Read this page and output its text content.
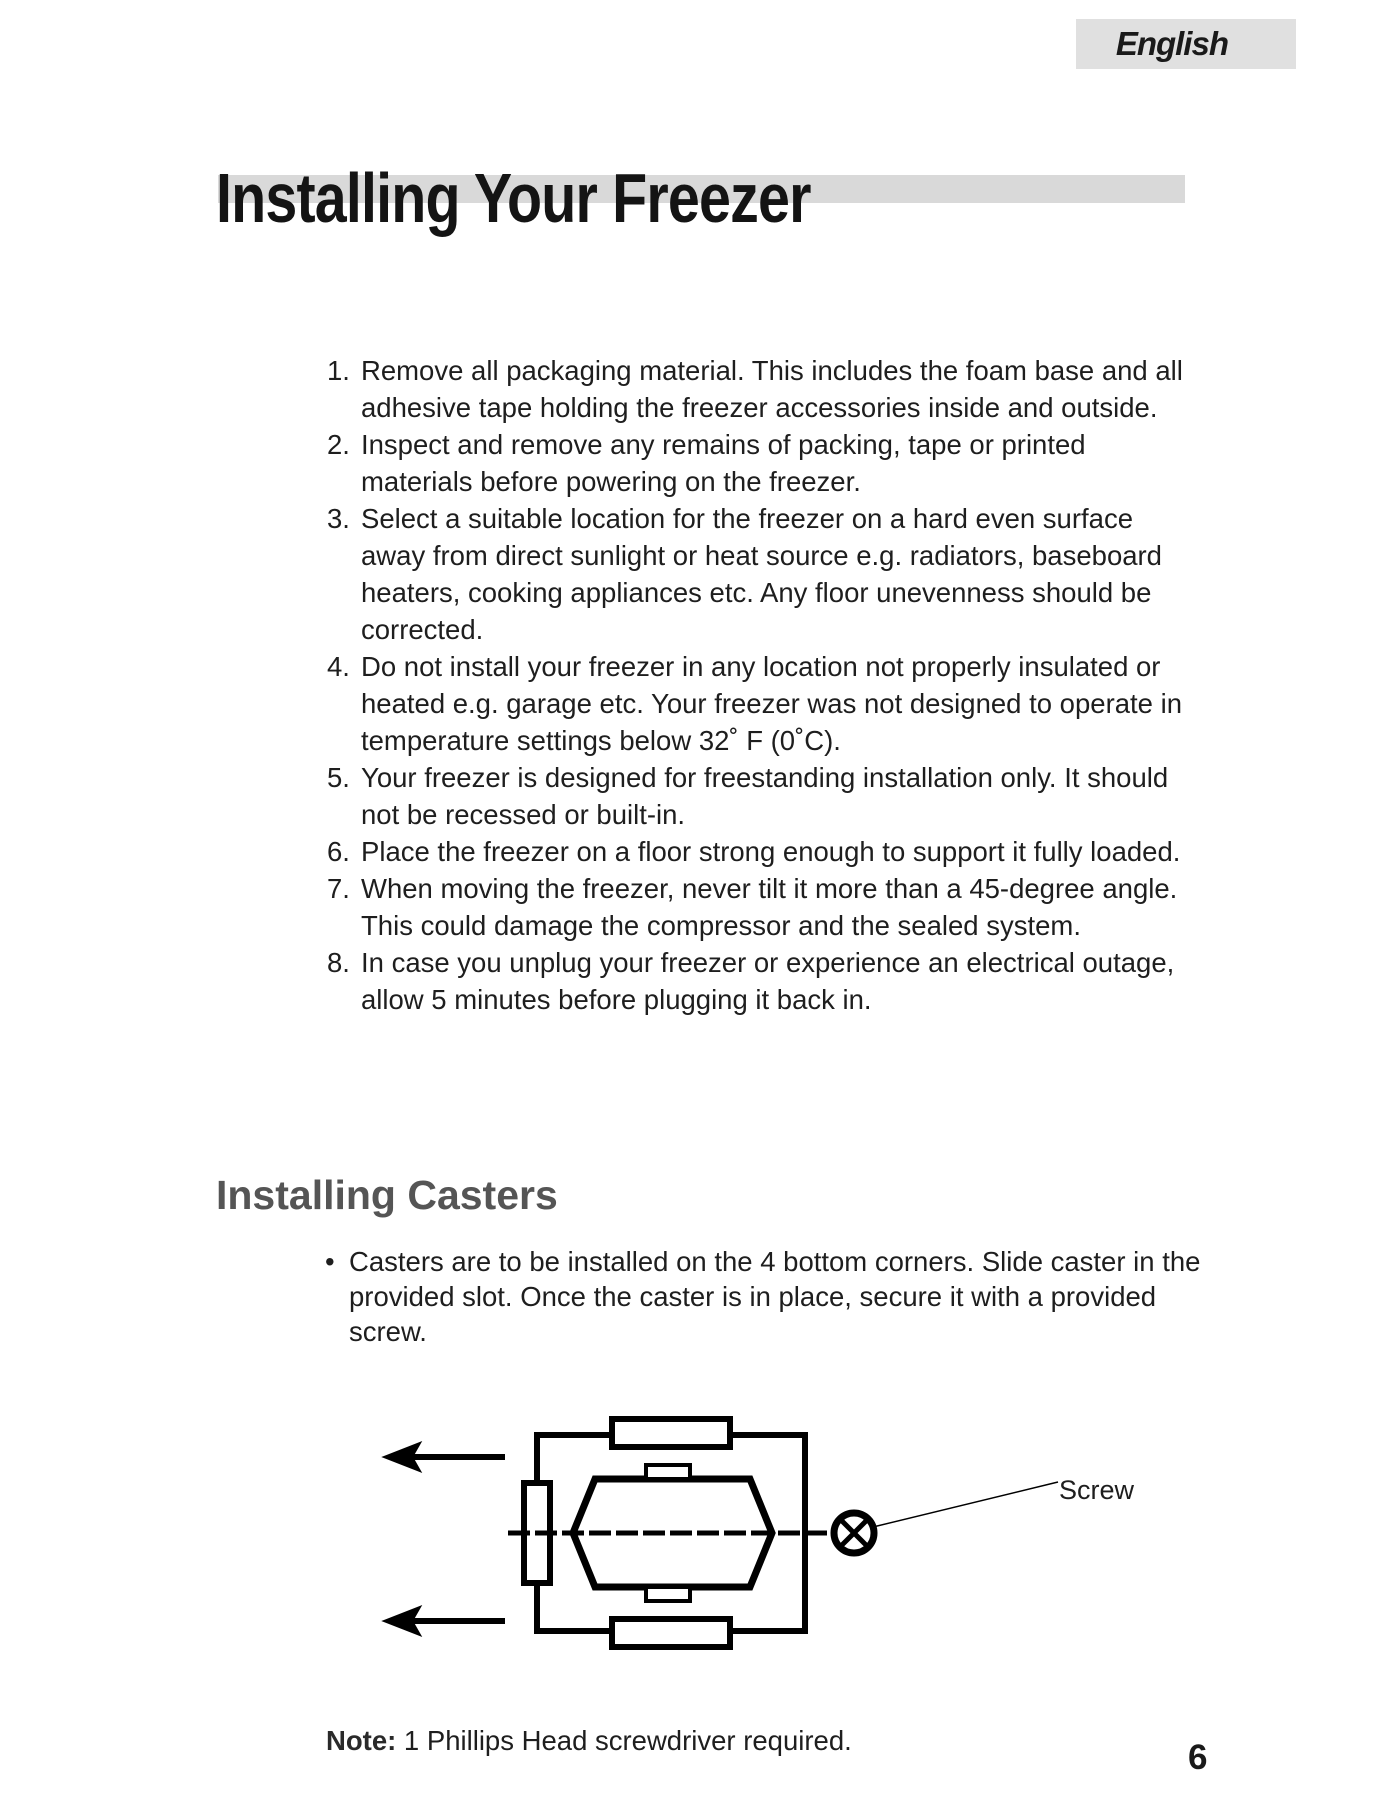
English
Installing Your Freezer
1. Remove all packaging material. This includes the foam base and all adhesive tape holding the freezer accessories inside and outside.
2. Inspect and remove any remains of packing, tape or printed materials before powering on the freezer.
3. Select a suitable location for the freezer on a hard even surface away from direct sunlight or heat source e.g. radiators, baseboard heaters, cooking appliances etc. Any floor unevenness should be corrected.
4. Do not install your freezer in any location not properly insulated or heated e.g. garage etc. Your freezer was not designed to operate in temperature settings below 32˚ F (0˚C).
5. Your freezer is designed for freestanding installation only. It should not be recessed or built-in.
6. Place the freezer on a floor strong enough to support it fully loaded.
7. When moving the freezer, never tilt it more than a 45-degree angle. This could damage the compressor and the sealed system.
8. In case you unplug your freezer or experience an electrical outage, allow 5 minutes before plugging it back in.
Installing Casters
• Casters are to be installed on the 4 bottom corners. Slide caster in the provided slot. Once the caster is in place, secure it with a provided screw.
Screw
Note: 1 Phillips Head screwdriver required.	6
